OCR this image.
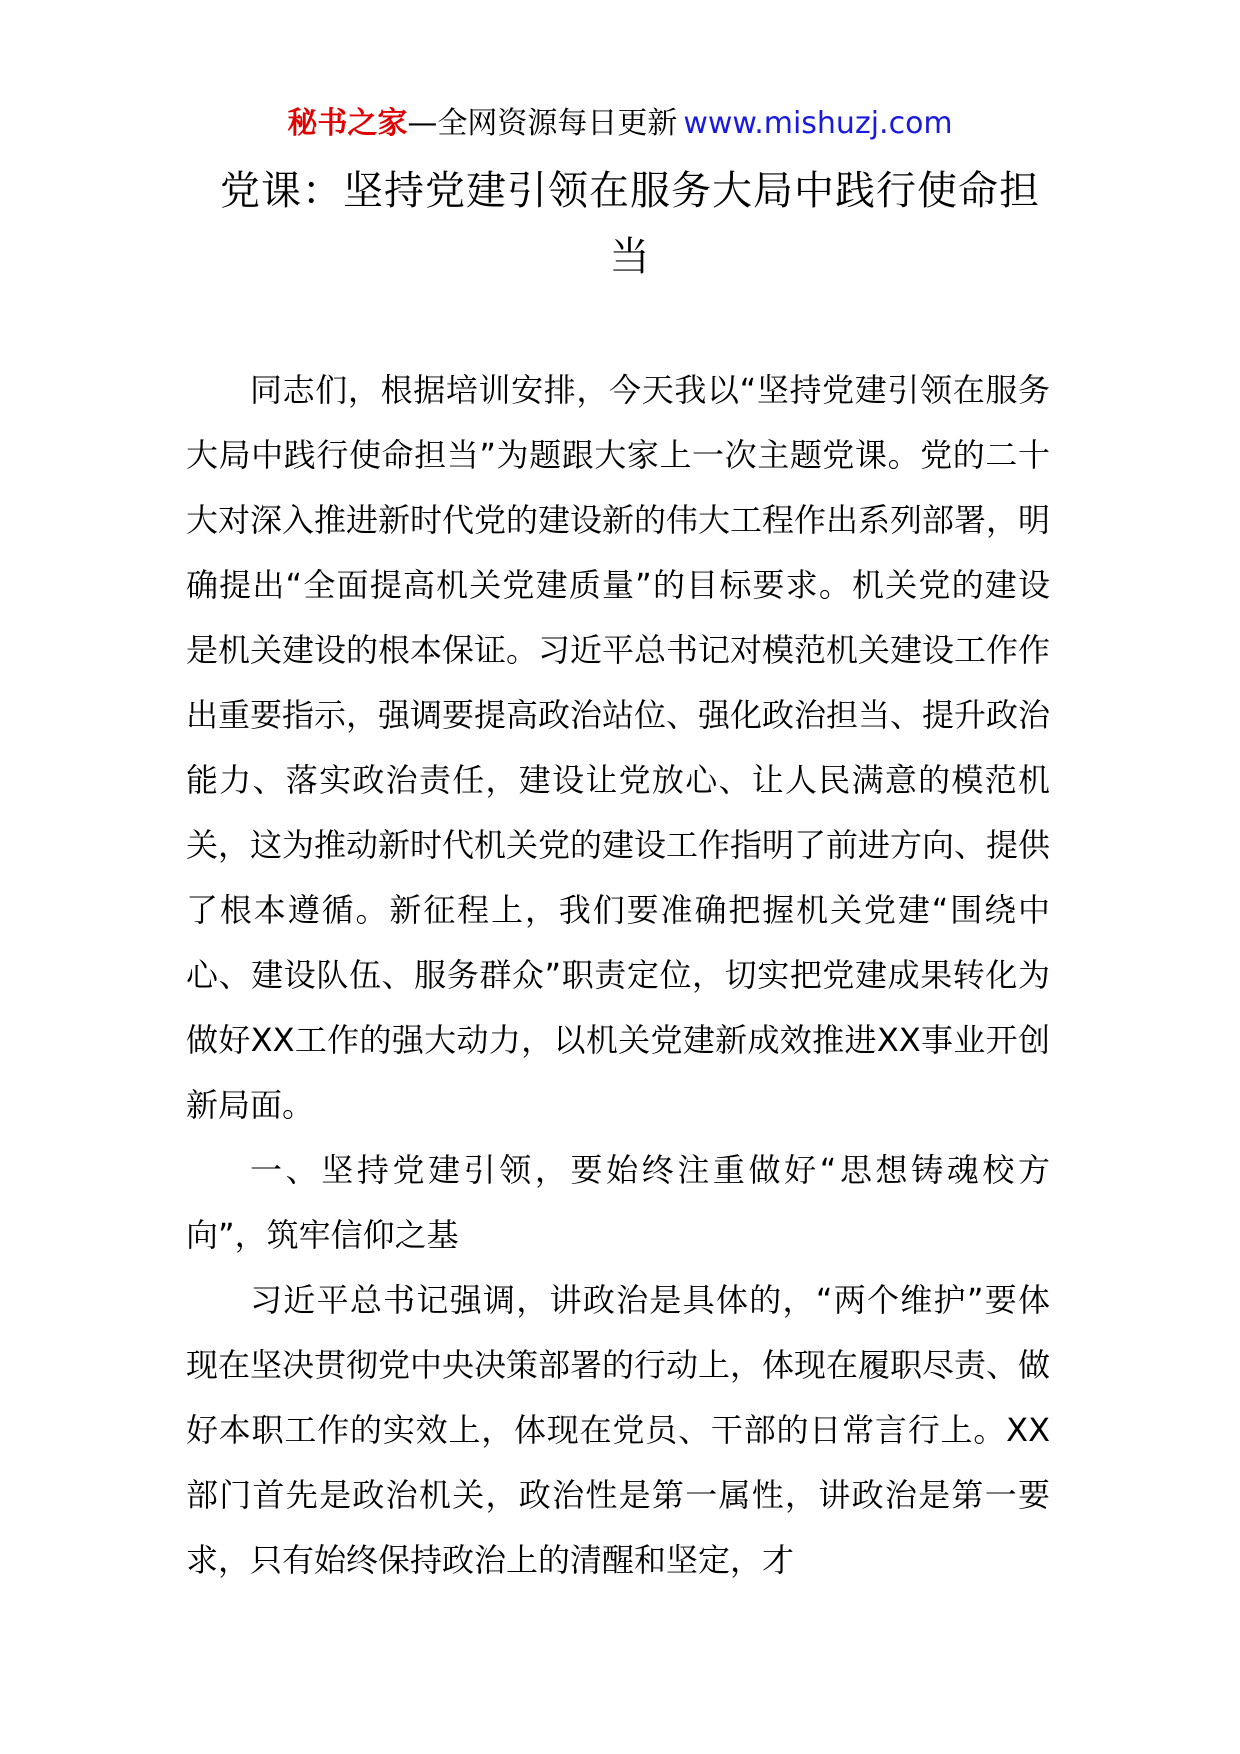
秘书之家—全网资源每日更新 www.mishuzj.com
党课：坚持党建引领在服务大局中践行使命担当

同志们，根据培训安排，今天我以“坚持党建引领在服务大局中践行使命担当”为题跟大家上一次主题党课。党的二十大对深入推进新时代党的建设新的伟大工程作出系列部署，明确提出“全面提高机关党建质量”的目标要求。机关党的建设是机关建设的根本保证。习近平总书记对模范机关建设工作作出重要指示，强调要提高政治站位、强化政治担当、提升政治能力、落实政治责任，建设让党放心、让人民满意的模范机关，这为推动新时代机关党的建设工作指明了前进方向、提供了根本遵循。新征程上，我们要准确把握机关党建“围绕中心、建设队伍、服务群众”职责定位，切实把党建成果转化为做好XX工作的强大动力，以机关党建新成效推进XX事业开创新局面。

一、坚持党建引领，要始终注重做好“思想铸魂校方向”，筑牢信仰之基

习近平总书记强调，讲政治是具体的，“两个维护”要体现在坚决贯彻党中央决策部署的行动上，体现在履职尽责、做好本职工作的实效上，体现在党员、干部的日常言行上。XX部门首先是政治机关，政治性是第一属性，讲政治是第一要求，只有始终保持政治上的清醒和坚定，才
